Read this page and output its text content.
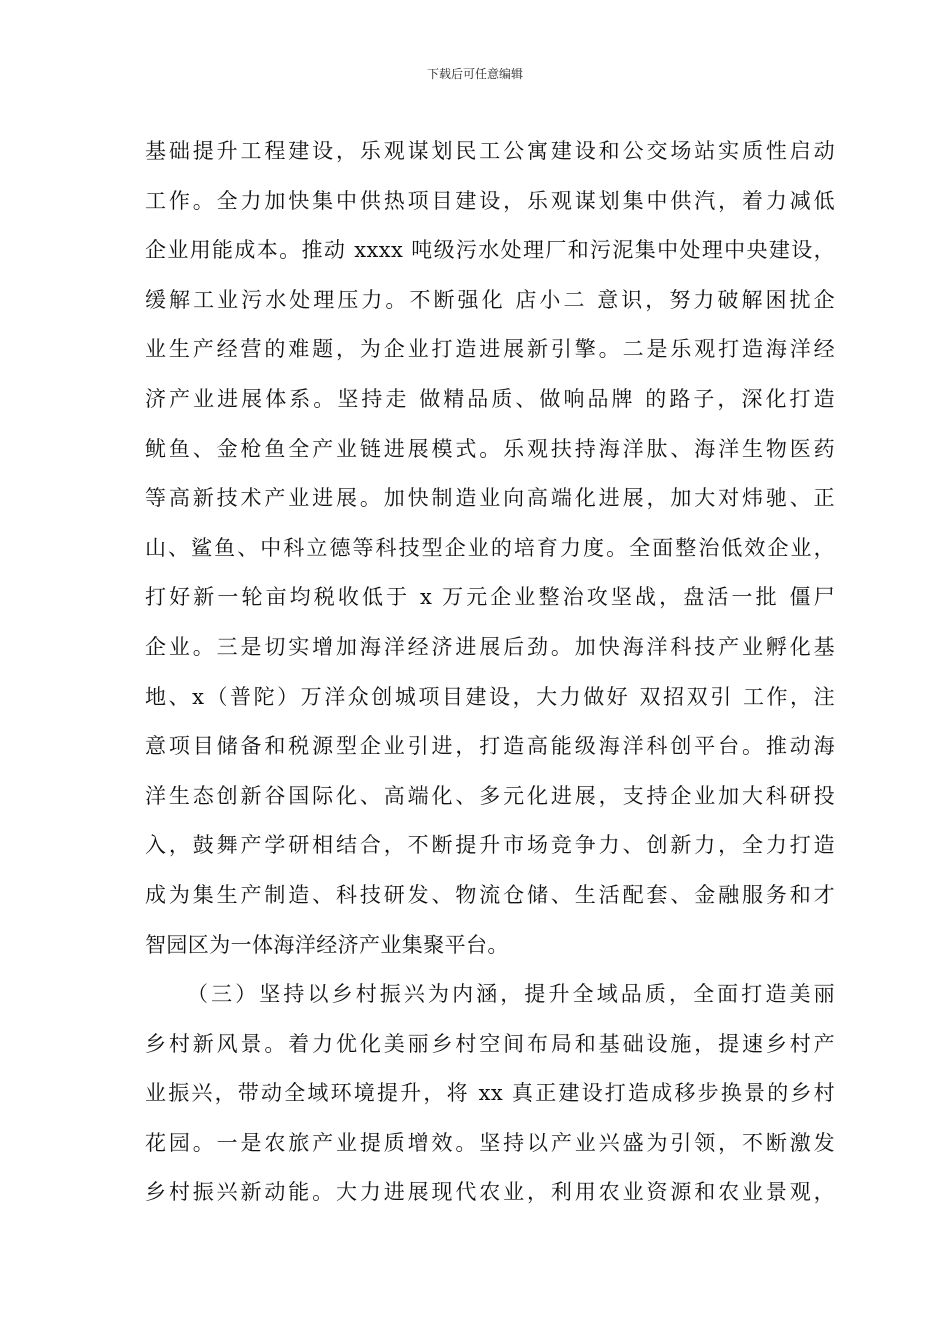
下载后可任意编辑
基础提升工程建设，乐观谋划民工公寓建设和公交场站实质性启动
工作。全力加快集中供热项目建设，乐观谋划集中供汽，着力减低
企业用能成本。推动 xxxx 吨级污水处理厂和污泥集中处理中央建设，
缓解工业污水处理压力。不断强化 店小二 意识，努力破解困扰企
业生产经营的难题，为企业打造进展新引擎。二是乐观打造海洋经
济产业进展体系。坚持走 做精品质、做响品牌 的路子，深化打造
鱿鱼、金枪鱼全产业链进展模式。乐观扶持海洋肽、海洋生物医药
等高新技术产业进展。加快制造业向高端化进展，加大对炜驰、正
山、鲨鱼、中科立德等科技型企业的培育力度。全面整治低效企业，
打好新一轮亩均税收低于 x 万元企业整治攻坚战，盘活一批 僵尸
企业。三是切实增加海洋经济进展后劲。加快海洋科技产业孵化基
地、x（普陀）万洋众创城项目建设，大力做好 双招双引 工作，注
意项目储备和税源型企业引进，打造高能级海洋科创平台。推动海
洋生态创新谷国际化、高端化、多元化进展，支持企业加大科研投
入，鼓舞产学研相结合，不断提升市场竞争力、创新力，全力打造
成为集生产制造、科技研发、物流仓储、生活配套、金融服务和才
智园区为一体海洋经济产业集聚平台。
（三）坚持以乡村振兴为内涵，提升全域品质，全面打造美丽
乡村新风景。着力优化美丽乡村空间布局和基础设施，提速乡村产
业振兴，带动全域环境提升，将 xx 真正建设打造成移步换景的乡村
花园。一是农旅产业提质增效。坚持以产业兴盛为引领，不断激发
乡村振兴新动能。大力进展现代农业，利用农业资源和农业景观，
